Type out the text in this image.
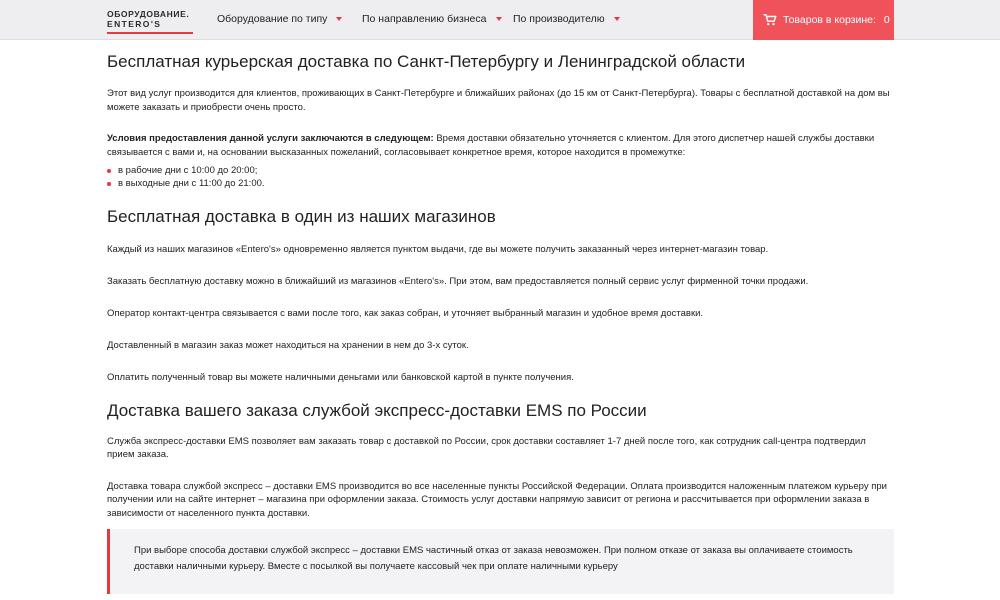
ОБОРУДОВАНИЕ.
ENTERO'S	Оборудование по типу	По направлению бизнеса	По производителю	Товаров в корзине: 0
Бесплатная курьерская доставка по Санкт-Петербургу и Ленинградской области

Этот вид услуг производится для клиентов, проживающих в Санкт-Петербурге и ближайших районах (до 15 км от Санкт-Петербурга). Товары с бесплатной доставкой на дом вы можете заказать и приобрести очень просто.

Условия предоставления данной услуги заключаются в следующем: Время доставки обязательно уточняется с клиентом. Для этого диспетчер нашей службы доставки связывается с вами и, на основании высказанных пожеланий, согласовывает конкретное время, которое находится в промежутке:

в рабочие дни с 10:00 до 20:00;
в выходные дни с 11:00 до 21:00.
Бесплатная доставка в один из наших магазинов

Каждый из наших магазинов «Entero's» одновременно является пунктом выдачи, где вы можете получить заказанный через интернет-магазин товар.

Заказать бесплатную доставку можно в ближайший из магазинов «Entero's». При этом, вам предоставляется полный сервис услуг фирменной точки продажи.

Оператор контакт-центра связывается с вами после того, как заказ собран, и уточняет выбранный магазин и удобное время доставки.

Доставленный в магазин заказ может находиться на хранении в нем до 3-х суток.

Оплатить полученный товар вы можете наличными деньгами или банковской картой в пункте получения.

Доставка вашего заказа службой экспресс-доставки EMS по России

Служба экспресс-доставки EMS позволяет вам заказать товар с доставкой по России, срок доставки составляет 1-7 дней после того, как сотрудник call-центра подтвердил прием заказа.

Доставка товара службой экспресс – доставки EMS производится во все населенные пункты Российской Федерации. Оплата производится наложенным платежом курьеру при получении или на сайте интернет – магазина при оформлении заказа. Стоимость услуг доставки напрямую зависит от региона и рассчитывается при оформлении заказа в зависимости от населенного пункта доставки.

При выборе способа доставки службой экспресс – доставки EMS частичный отказ от заказа невозможен. При полном отказе от заказа вы оплачиваете стоимость доставки наличными курьеру. Вместе с посылкой вы получаете кассовый чек при оплате наличными курьеру
